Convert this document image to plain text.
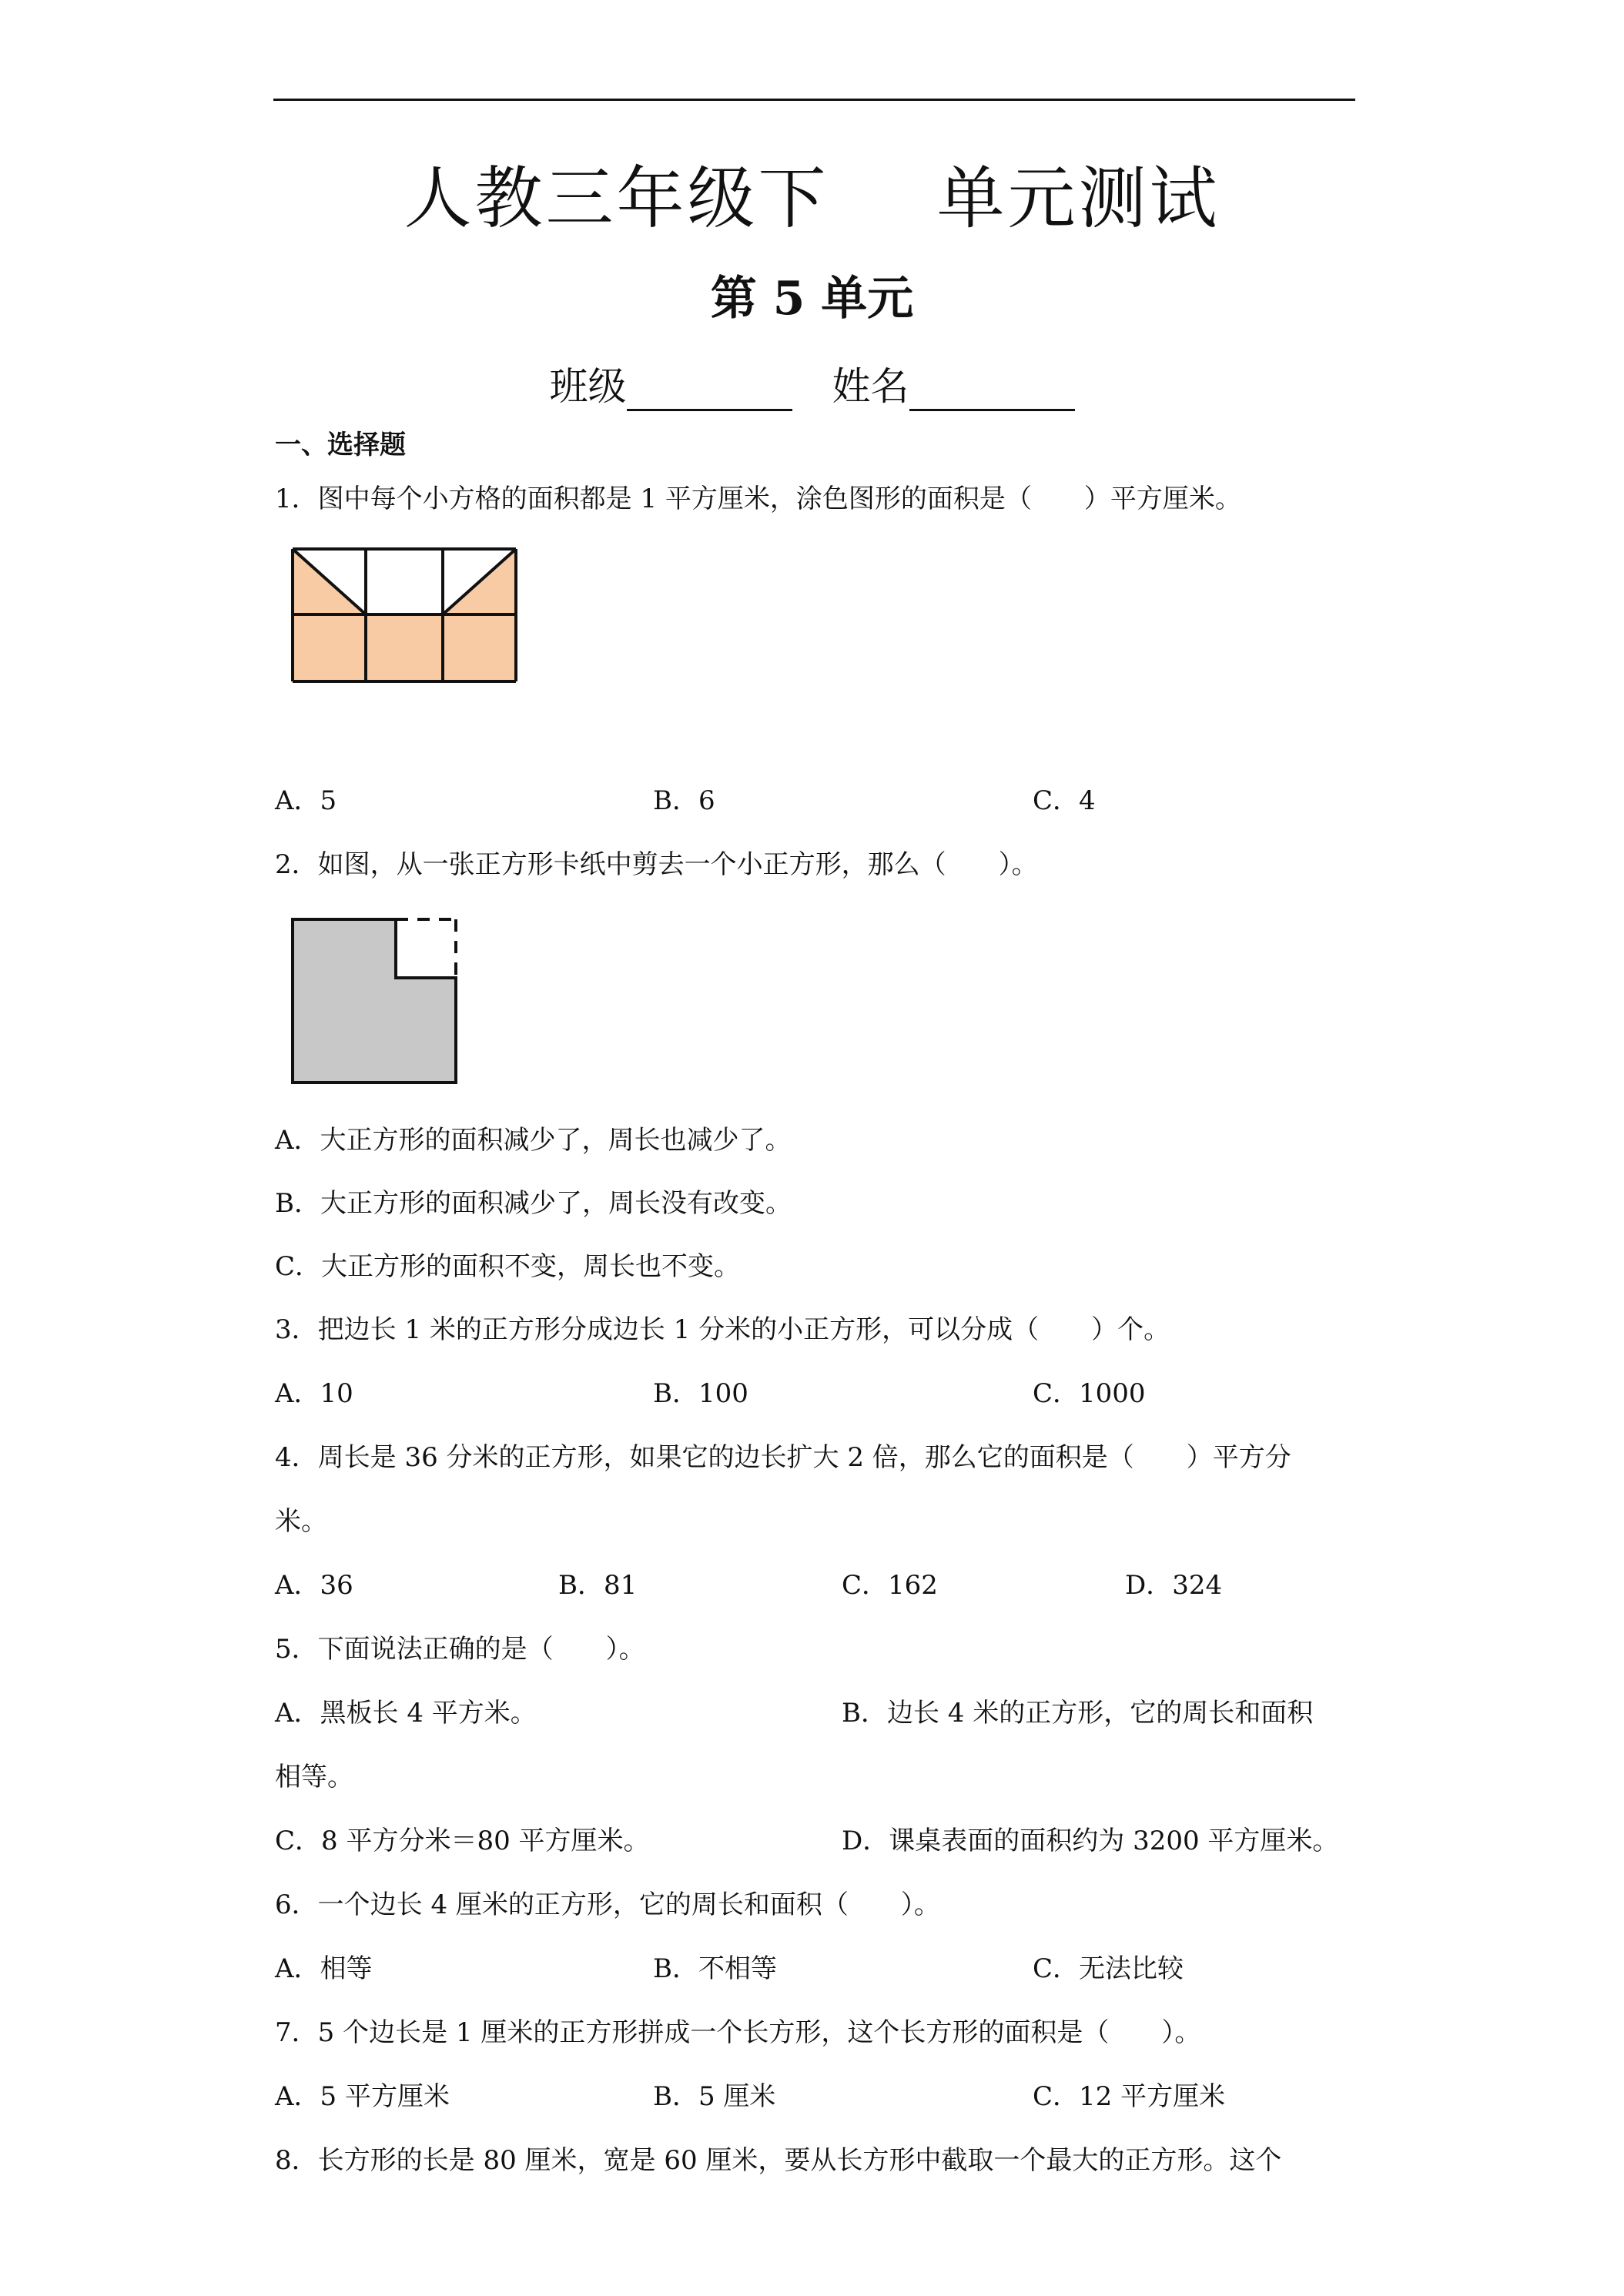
人教三年级下 单元测试
第 5 单元
班级	姓名
一、选择题
1．图中每个小方格的面积都是 1 平方厘米，涂色图形的面积是（　　）平方厘米。
A．5	B．6	C．4
2．如图，从一张正方形卡纸中剪去一个小正方形，那么（　　）。
A．大正方形的面积减少了，周长也减少了。
B．大正方形的面积减少了，周长没有改变。
C．大正方形的面积不变，周长也不变。
3．把边长 1 米的正方形分成边长 1 分米的小正方形，可以分成（　　）个。
A．10	B．100	C．1000
4．周长是 36 分米的正方形，如果它的边长扩大 2 倍，那么它的面积是（　　）平方分
米。
A．36	B．81	C．162	D．324
5．下面说法正确的是（　　）。
A．黑板长 4 平方米。	B．边长 4 米的正方形，它的周长和面积
相等。
C．8 平方分米＝80 平方厘米。	D．课桌表面的面积约为 3200 平方厘米。
6．一个边长 4 厘米的正方形，它的周长和面积（　　）。
A．相等	B．不相等	C．无法比较
7．5 个边长是 1 厘米的正方形拼成一个长方形，这个长方形的面积是（　　）。
A．5 平方厘米	B．5 厘米	C．12 平方厘米
8．长方形的长是 80 厘米，宽是 60 厘米，要从长方形中截取一个最大的正方形。这个
